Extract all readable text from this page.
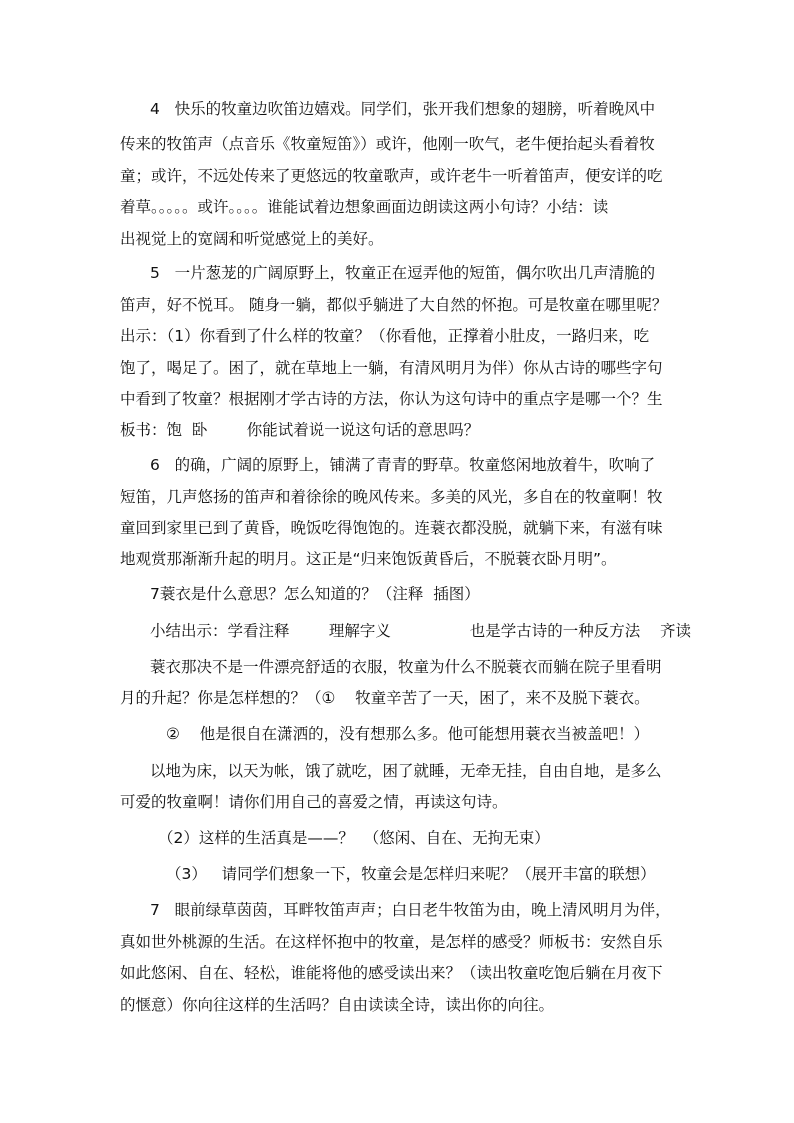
4   快乐的牧童边吹笛边嬉戏。同学们，张开我们想象的翅膀，听着晚风中
传来的牧笛声（点音乐《牧童短笛》）或许，他刚一吹气，老牛便抬起头看着牧
童；或许，不远处传来了更悠远的牧童歌声，或许老牛一听着笛声，便安详的吃
着草。。。。。或许。。。。谁能试着边想象画面边朗读这两小句诗？小结：读
出视觉上的宽阔和听觉感觉上的美好。
5   一片葱茏的广阔原野上，牧童正在逗弄他的短笛，偶尔吹出几声清脆的
笛声，好不悦耳。 随身一躺，都似乎躺进了大自然的怀抱。可是牧童在哪里呢？
出示：（1）你看到了什么样的牧童？（你看他，正撑着小肚皮，一路归来，吃
饱了，喝足了。困了，就在草地上一躺，有清风明月为伴）你从古诗的哪些字句
中看到了牧童？根据刚才学古诗的方法，你认为这句诗中的重点字是哪一个？生
板书：饱  卧        你能试着说一说这句话的意思吗？
6   的确，广阔的原野上，铺满了青青的野草。牧童悠闲地放着牛，吹响了
短笛，几声悠扬的笛声和着徐徐的晚风传来。多美的风光，多自在的牧童啊！牧
童回到家里已到了黄昏，晚饭吃得饱饱的。连蓑衣都没脱，就躺下来，有滋有味
地观赏那渐渐升起的明月。这正是“归来饱饭黄昏后，不脱蓑衣卧月明”。
7蓑衣是什么意思？怎么知道的？（注释  插图）
小结出示：学看注释        理解字义                也是学古诗的一种反方法    齐读
蓑衣那决不是一件漂亮舒适的衣服，牧童为什么不脱蓑衣而躺在院子里看明
月的升起？你是怎样想的？（①    牧童辛苦了一天，困了，来不及脱下蓑衣。
②    他是很自在潇洒的，没有想那么多。他可能想用蓑衣当被盖吧！）
以地为床，以天为帐，饿了就吃，困了就睡，无牵无挂，自由自地，是多么
可爱的牧童啊！请你们用自己的喜爱之情，再读这句诗。
（2）这样的生活真是——？  （悠闲、自在、无拘无束）
（3）   请同学们想象一下，牧童会是怎样归来呢？（展开丰富的联想）
7   眼前绿草茵茵，耳畔牧笛声声；白日老牛牧笛为由，晚上清风明月为伴，
真如世外桃源的生活。在这样怀抱中的牧童，是怎样的感受？师板书：安然自乐
如此悠闲、自在、轻松，谁能将他的感受读出来？（读出牧童吃饱后躺在月夜下
的惬意）你向往这样的生活吗？自由读读全诗，读出你的向往。
